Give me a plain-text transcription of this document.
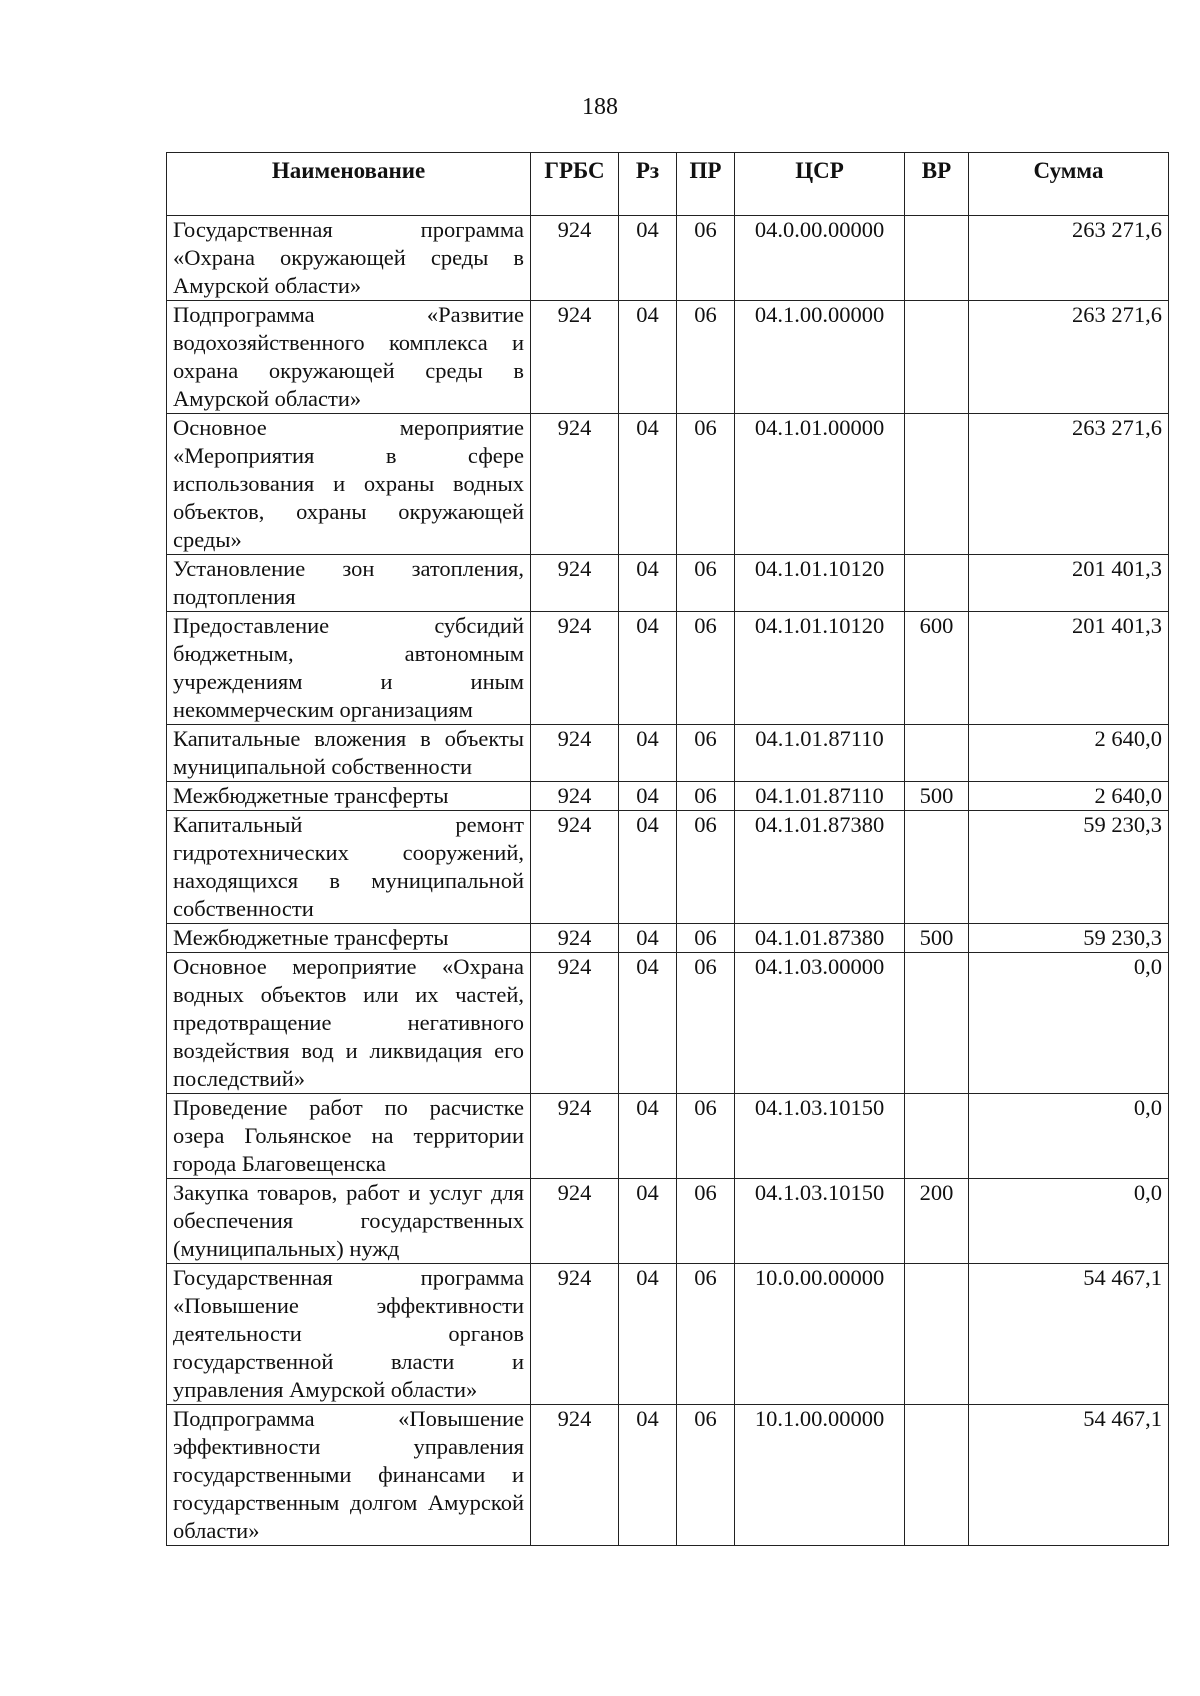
188
Наименование	ГРБС	Рз	ПР	ЦСР	ВР	Сумма
Государственная программа «Охрана окружающей среды в Амурской области»	924	04	06	04.0.00.00000		263 271,6
Подпрограмма «Развитие водохозяйственного комплекса и охрана окружающей среды в Амурской области»	924	04	06	04.1.00.00000		263 271,6
Основное мероприятие «Мероприятия в сфере использования и охраны водных объектов, охраны окружающей среды»	924	04	06	04.1.01.00000		263 271,6
Установление зон затопления, подтопления	924	04	06	04.1.01.10120		201 401,3
Предоставление субсидий бюджетным, автономным учреждениям и иным некоммерческим организациям	924	04	06	04.1.01.10120	600	201 401,3
Капитальные вложения в объекты муниципальной собственности	924	04	06	04.1.01.87110		2 640,0
Межбюджетные трансферты	924	04	06	04.1.01.87110	500	2 640,0
Капитальный ремонт гидротехнических сооружений, находящихся в муниципальной собственности	924	04	06	04.1.01.87380		59 230,3
Межбюджетные трансферты	924	04	06	04.1.01.87380	500	59 230,3
Основное мероприятие «Охрана водных объектов или их частей, предотвращение негативного воздействия вод и ликвидация его последствий»	924	04	06	04.1.03.00000		0,0
Проведение работ по расчистке озера Гольянское на территории города Благовещенска	924	04	06	04.1.03.10150		0,0
Закупка товаров, работ и услуг для обеспечения государственных (муниципальных) нужд	924	04	06	04.1.03.10150	200	0,0
Государственная программа «Повышение эффективности деятельности органов государственной власти и управления Амурской области»	924	04	06	10.0.00.00000		54 467,1
Подпрограмма «Повышение эффективности управления государственными финансами и государственным долгом Амурской области»	924	04	06	10.1.00.00000		54 467,1
